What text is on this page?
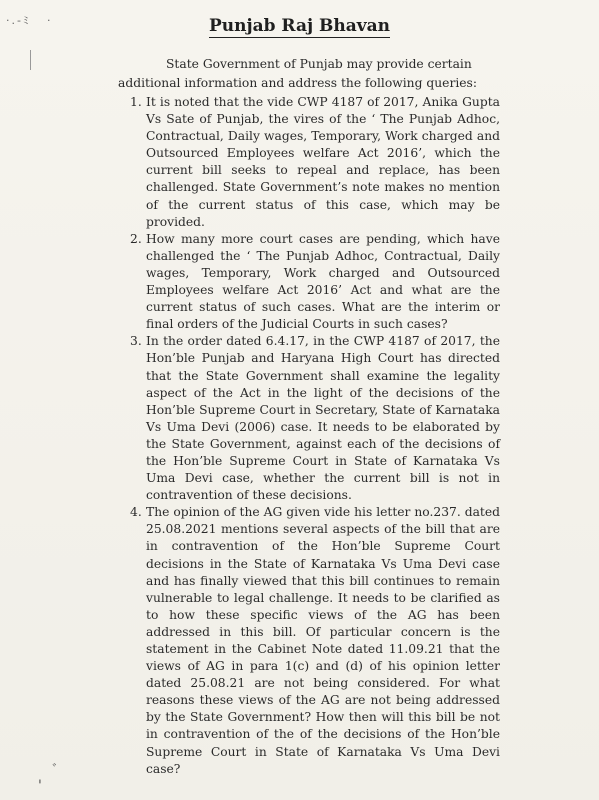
·.-ﾐ   ·	Punjab Raj Bhavan
State Government of Punjab may provide certain additional information and address the following queries:
1. It is noted that the vide CWP 4187 of 2017, Anika Gupta Vs Sate of Punjab, the vires of the ‘ The Punjab Adhoc, Contractual, Daily wages, Temporary, Work charged and Outsourced Employees welfare Act 2016’, which the current bill seeks to repeal and replace, has been challenged. State Government’s note makes no mention of the current status of this case, which may be provided.
2. How many more court cases are pending, which have challenged the ‘ The Punjab Adhoc, Contractual, Daily wages, Temporary, Work charged and Outsourced Employees welfare Act 2016’ Act and what are the current status of such cases. What are the interim or final orders of the Judicial Courts in such cases?
3. In the order dated 6.4.17, in the CWP 4187 of 2017, the Hon’ble Punjab and Haryana High Court has directed that the State Government shall examine the legality aspect of the Act in the light of the decisions of the Hon’ble Supreme Court in Secretary, State of Karnataka Vs Uma Devi (2006) case. It needs to be elaborated by the State Government, against each of the decisions of the Hon’ble Supreme Court in State of Karnataka Vs Uma Devi case, whether the current bill is not in contravention of these decisions.
4. The opinion of the AG given vide his letter no.237. dated 25.08.2021 mentions several aspects of the bill that are in contravention of the Hon’ble Supreme Court decisions in the State of Karnataka Vs Uma Devi case and has finally viewed that this bill continues to remain vulnerable to legal challenge. It needs to be clarified as to how these specific views of the AG has been addressed in this bill. Of particular concern is the statement in the Cabinet Note dated 11.09.21 that the views of AG in para 1(c) and (d) of his opinion letter dated 25.08.21 are not being considered. For what reasons these views of the AG are not being addressed by the State Government? How then will this bill be not in contravention of the of the decisions of the Hon’ble Supreme Court in State of Karnataka Vs Uma Devi case?
ﾞ
'
